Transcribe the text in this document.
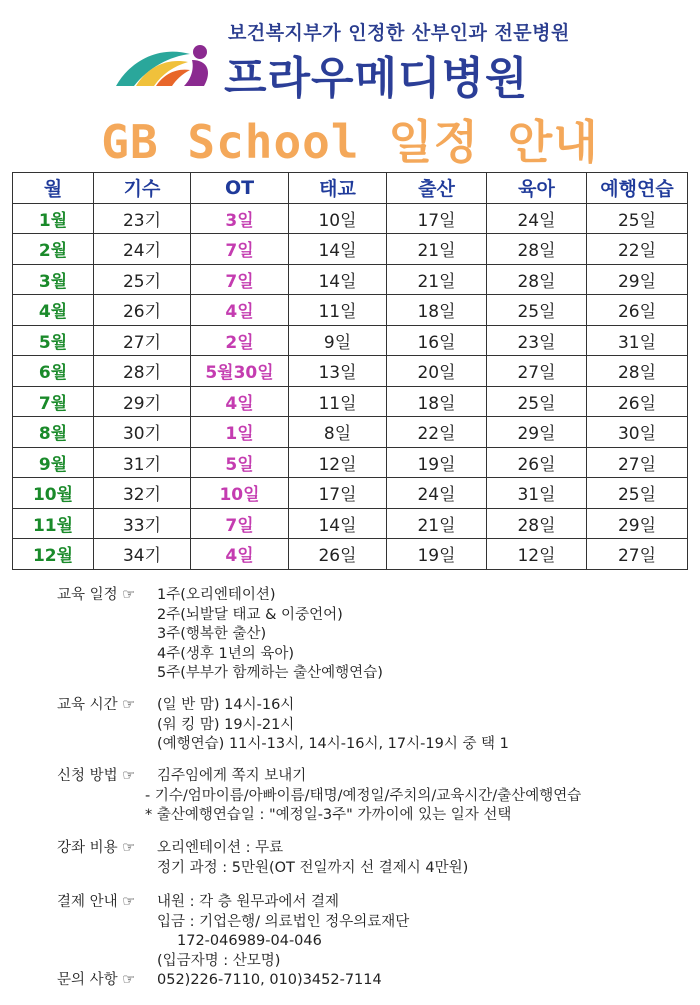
보건복지부가 인정한 산부인과 전문병원
프라우메디병원
GB School 일정 안내
월	기수	OT	태교	출산	육아	예행연습
1월	23기	3일	10일	17일	24일	25일
2월	24기	7일	14일	21일	28일	22일
3월	25기	7일	14일	21일	28일	29일
4월	26기	4일	11일	18일	25일	26일
5월	27기	2일	9일	16일	23일	31일
6월	28기	5월30일	13일	20일	27일	28일
7월	29기	4일	11일	18일	25일	26일
8월	30기	1일	8일	22일	29일	30일
9월	31기	5일	12일	19일	26일	27일
10월	32기	10일	17일	24일	31일	25일
11월	33기	7일	14일	21일	28일	29일
12월	34기	4일	26일	19일	12일	27일
교육 일정 ☞ 1주(오리엔테이션)
2주(뇌발달 태교 & 이중언어)
3주(행복한 출산)
4주(생후 1년의 육아)
5주(부부가 함께하는 출산예행연습)
교육 시간 ☞ (일 반 맘) 14시-16시
(워 킹 맘) 19시-21시
(예행연습) 11시-13시, 14시-16시, 17시-19시 중 택 1
신청 방법 ☞ 김주임에게 쪽지 보내기
- 기수/엄마이름/아빠이름/태명/예정일/주치의/교육시간/출산예행연습
* 출산예행연습일 : "예정일-3주" 가까이에 있는 일자 선택
강좌 비용 ☞ 오리엔테이션 : 무료
정기 과정 : 5만원(OT 전일까지 선 결제시 4만원)
결제 안내 ☞ 내원 : 각 층 원무과에서 결제
입금 : 기업은행/ 의료법인 정우의료재단
172-046989-04-046
(입금자명 : 산모명)
문의 사항 ☞ 052)226-7110, 010)3452-7114
